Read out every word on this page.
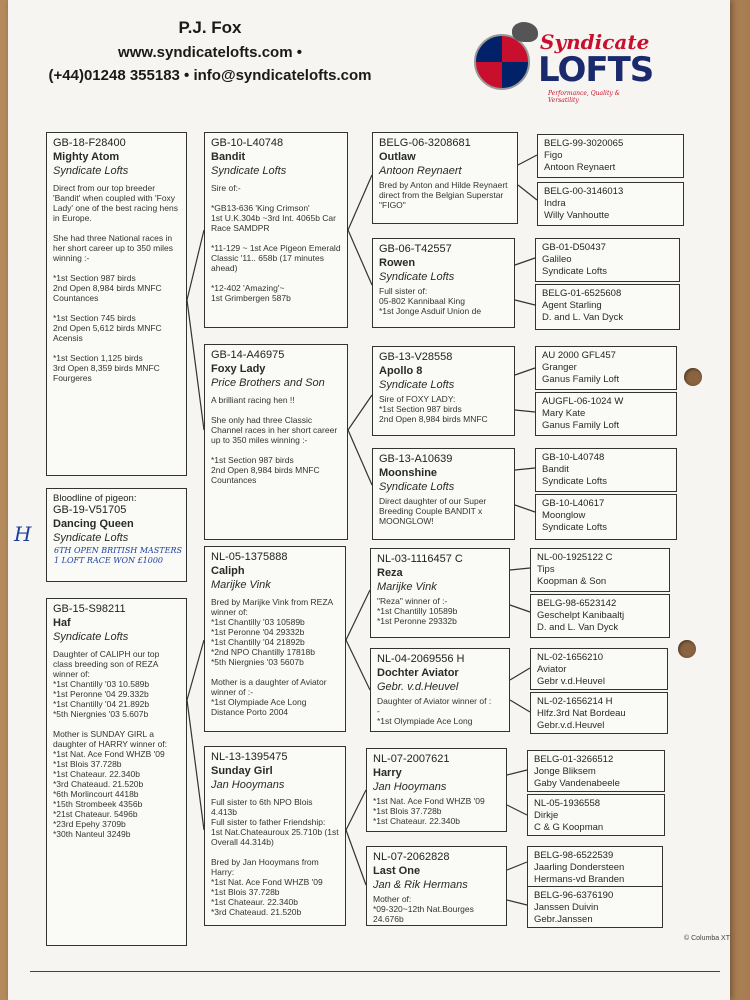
P.J. Fox
www.syndicatelofts.com •
(+44)01248 355183 • info@syndicatelofts.com
Syndicate
LOFTS
Performance, Quality & Versatility
GB-18-F28400
Mighty Atom
Syndicate Lofts
Direct from our top breeder 'Bandit' when coupled with 'Foxy Lady' one of the best racing hens in Europe.

She had three National races in her short career up to 350 miles winning :-

*1st Section 987 birds
2nd Open 8,984 birds MNFC Countances

*1st Section 745 birds
2nd Open 5,612 birds MNFC Acensis

*1st Section 1,125 birds
3rd Open 8,359 birds MNFC Fourgeres
Bloodline of pigeon:
GB-19-V51705
Dancing Queen
Syndicate Lofts
H
6TH OPEN BRITISH MASTERS 1 LOFT RACE WON £1000
GB-15-S98211
Haf
Syndicate Lofts
Daughter of CALIPH our top class breeding son of REZA winner of:
*1st Chantilly '03 10.589b
*1st Peronne '04 29.332b
*1st Chantilly '04 21.892b
*5th Niergnies '03 5.607b

Mother is SUNDAY GIRL a daughter of HARRY winner of:
*1st Nat. Ace Fond WHZB '09
*1st Blois 37.728b
*1st Chateaur. 22.340b
*3rd Chateaud. 21.520b
*6th Morlincourt 4418b
*15th Strombeek 4356b
*21st Chateaur. 5496b
*23rd Epehy 3709b
*30th Nanteul 3249b
GB-10-L40748
Bandit
Syndicate Lofts
Sire of:-

*GB13-636 'King Crimson'
1st U.K.304b ~3rd Int. 4065b Car Race SAMDPR

*11-129 ~ 1st Ace Pigeon Emerald Classic '11.. 658b (17 minutes ahead)

*12-402 'Amazing'~
1st Grimbergen 587b
GB-14-A46975
Foxy Lady
Price Brothers and Son
A brilliant racing hen !!

She only had three Classic Channel races in her short career up to 350 miles winning :-

*1st Section 987 birds
2nd Open 8,984 birds MNFC Countances
NL-05-1375888
Caliph
Marijke Vink
Bred by Marijke Vink from REZA winner of:
*1st Chantilly '03 10589b
*1st Peronne '04 29332b
*1st Chantilly '04 21892b
*2nd NPO Chantilly 17818b
*5th Niergnies '03 5607b

Mother is a daughter of Aviator winner of :-
*1st Olympiade Ace Long Distance Porto 2004
NL-13-1395475
Sunday Girl
Jan Hooymans
Full sister to 6th NPO Blois 4.413b
Full sister to father Friendship:
1st Nat.Chateauroux 25.710b (1st Overall 44.314b)

Bred by Jan Hooymans from Harry:
*1st Nat. Ace Fond WHZB '09
*1st Blois 37.728b
*1st Chateaur. 22.340b
*3rd Chateaud. 21.520b
BELG-06-3208681
Outlaw
Antoon Reynaert
Bred by Anton and Hilde Reynaert direct from the Belgian Superstar "FIGO"
GB-06-T42557
Rowen
Syndicate Lofts
Full sister of:
05-802 Kannibaal King
*1st Jonge Asduif Union de
GB-13-V28558
Apollo 8
Syndicate Lofts
Sire of FOXY LADY:
*1st Section 987 birds
2nd Open 8,984 birds MNFC
GB-13-A10639
Moonshine
Syndicate Lofts
Direct daughter of our Super Breeding Couple BANDIT x MOONGLOW!
NL-03-1116457 C
Reza
Marijke Vink
"Reza" winner of :-
*1st Chantilly 10589b
*1st Peronne 29332b
NL-04-2069556 H
Dochter Aviator
Gebr. v.d.Heuvel
Daughter of Aviator winner of :
-
*1st Olympiade Ace Long
NL-07-2007621
Harry
Jan Hooymans
*1st Nat. Ace Fond WHZB '09
*1st Blois 37.728b
*1st Chateaur. 22.340b
NL-07-2062828
Last One
Jan & Rik Hermans
Mother of:
*09-320~12th Nat.Bourges 24.676b
BELG-99-3020065
Figo
Antoon Reynaert
BELG-00-3146013
Indra
Willy Vanhoutte
GB-01-D50437
Galileo
Syndicate Lofts
BELG-01-6525608
Agent Starling
D. and L. Van Dyck
AU 2000 GFL457
Granger
Ganus Family Loft
AUGFL-06-1024 W
Mary Kate
Ganus Family Loft
GB-10-L40748
Bandit
Syndicate Lofts
GB-10-L40617
Moonglow
Syndicate Lofts
NL-00-1925122 C
Tips
Koopman & Son
BELG-98-6523142
Geschelpt Kanibaaltj
D. and L. Van Dyck
NL-02-1656210
Aviator
Gebr v.d.Heuvel
NL-02-1656214 H
Hlfz.3rd Nat Bordeau
Gebr.v.d.Heuvel
BELG-01-3266512
Jonge Bliksem
Gaby Vandenabeele
NL-05-1936558
Dirkje
C & G Koopman
BELG-98-6522539
Jaarling Dondersteen
Hermans-vd Branden
BELG-96-6376190
Janssen Duivin
Gebr.Janssen
© Columba XT
